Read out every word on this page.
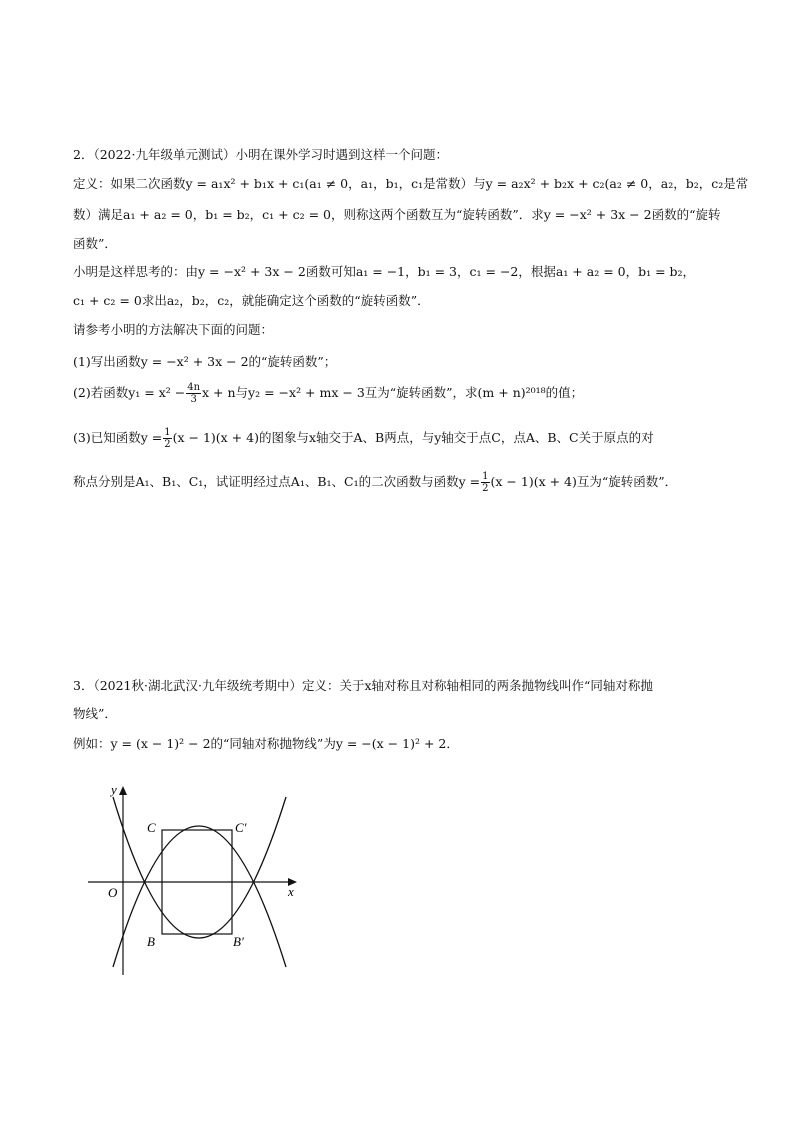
2．（2022·九年级单元测试）小明在课外学习时遇到这样一个问题：
定义：如果二次函数y = a₁x² + b₁x + c₁(a₁ ≠ 0，a₁，b₁，c₁是常数）与y = a₂x² + b₂x + c₂(a₂ ≠ 0，a₂，b₂，c₂是常
数）满足a₁ + a₂ = 0，b₁ = b₂，c₁ + c₂ = 0，则称这两个函数互为“旋转函数”．求y = −x² + 3x − 2函数的“旋转
函数”．
小明是这样思考的：由y = −x² + 3x − 2函数可知a₁ = −1，b₁ = 3，c₁ = −2，根据a₁ + a₂ = 0，b₁ = b₂，
c₁ + c₂ = 0求出a₂，b₂，c₂，就能确定这个函数的“旋转函数”．
请参考小明的方法解决下面的问题：
(1)写出函数y = −x² + 3x − 2的“旋转函数”；
(2)若函数$y_1 = x^2 - \frac{4n}{3}$ x + n与y₂ = −x² + mx − 3互为“旋转函数”，求(m + n)²⁰¹⁸的值；
(3)已知函数$y = \frac{1}{2} (x - 1)(x + 4)$的图象与x轴交于A、B两点，与y轴交于点C，点A、B、C关于原点的对
称点分别是A₁、B₁、C₁，试证明经过点A₁、B₁、C₁的二次函数与函数$y = \frac{1}{2} (x - 1)(x + 4)$互为“旋转函数”．
3．（2021秋·湖北武汉·九年级统考期中）定义：关于x轴对称且对称轴相同的两条抛物线叫作“同轴对称抛
物线”．
例如：y = (x − 1)² − 2的“同轴对称抛物线”为y = −(x − 1)² + 2．
y
x
O
C	C′
B	B′
